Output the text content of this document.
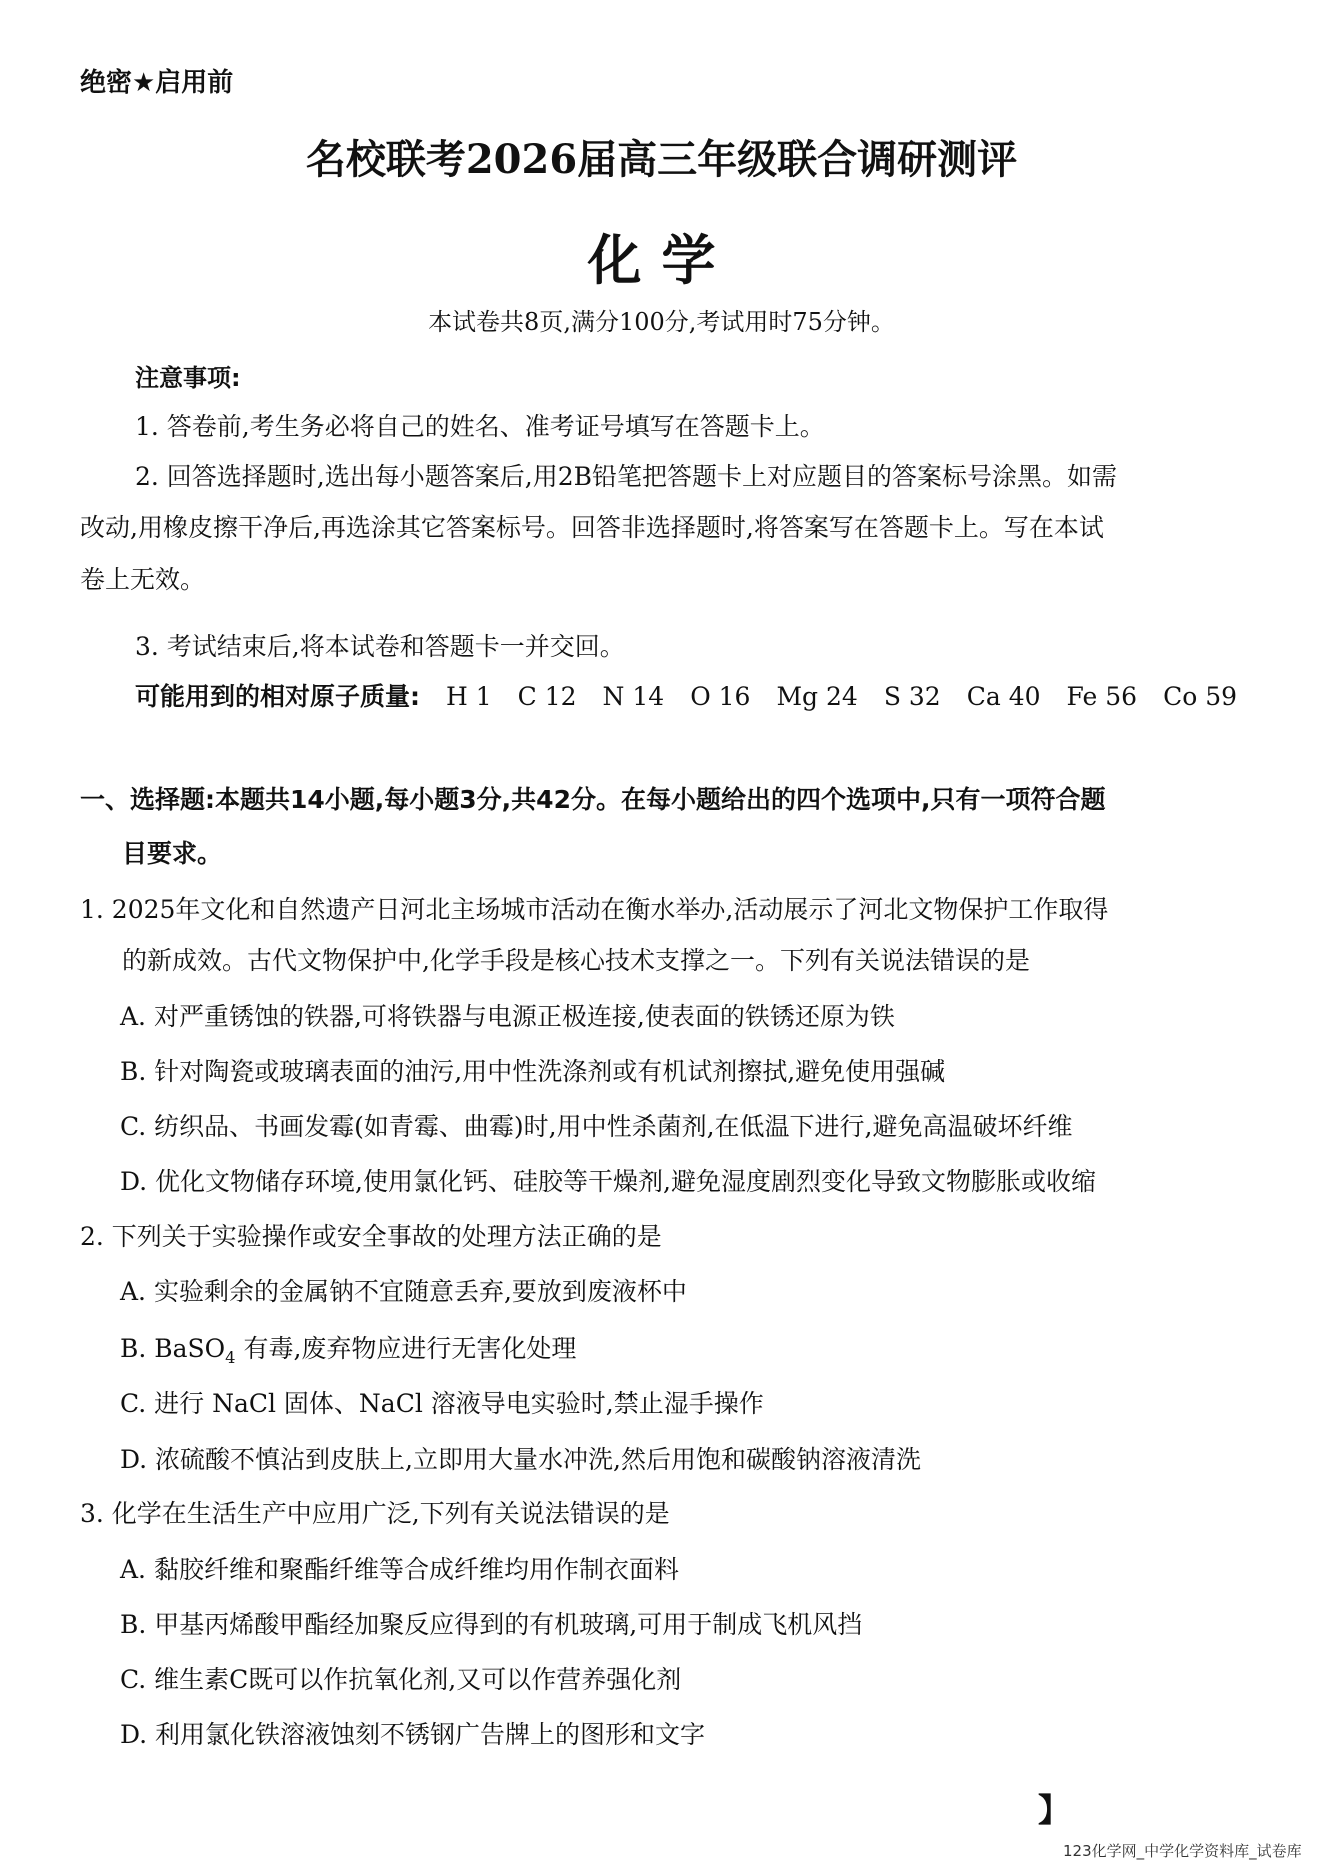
绝密★启用前
名校联考2026届高三年级联合调研测评
化学
本试卷共8页,满分100分,考试用时75分钟。
注意事项:
1. 答卷前,考生务必将自己的姓名、准考证号填写在答题卡上。
2. 回答选择题时,选出每小题答案后,用2B铅笔把答题卡上对应题目的答案标号涂黑。如需
改动,用橡皮擦干净后,再选涂其它答案标号。回答非选择题时,将答案写在答题卡上。写在本试
卷上无效。
3. 考试结束后,将本试卷和答题卡一并交回。
可能用到的相对原子质量: H 1 C 12 N 14 O 16 Mg 24 S 32 Ca 40 Fe 56 Co 59
一、选择题:本题共14小题,每小题3分,共42分。在每小题给出的四个选项中,只有一项符合题
目要求。
1. 2025年文化和自然遗产日河北主场城市活动在衡水举办,活动展示了河北文物保护工作取得
的新成效。古代文物保护中,化学手段是核心技术支撑之一。下列有关说法错误的是
A. 对严重锈蚀的铁器,可将铁器与电源正极连接,使表面的铁锈还原为铁
B. 针对陶瓷或玻璃表面的油污,用中性洗涤剂或有机试剂擦拭,避免使用强碱
C. 纺织品、书画发霉(如青霉、曲霉)时,用中性杀菌剂,在低温下进行,避免高温破坏纤维
D. 优化文物储存环境,使用氯化钙、硅胶等干燥剂,避免湿度剧烈变化导致文物膨胀或收缩
2. 下列关于实验操作或安全事故的处理方法正确的是
A. 实验剩余的金属钠不宜随意丢弃,要放到废液杯中
B. BaSO$_4$ 有毒,废弃物应进行无害化处理
C. 进行 NaCl 固体、NaCl 溶液导电实验时,禁止湿手操作
D. 浓硫酸不慎沾到皮肤上,立即用大量水冲洗,然后用饱和碳酸钠溶液清洗
3. 化学在生活生产中应用广泛,下列有关说法错误的是
A. 黏胶纤维和聚酯纤维等合成纤维均用作制衣面料
B. 甲基丙烯酸甲酯经加聚反应得到的有机玻璃,可用于制成飞机风挡
C. 维生素C既可以作抗氧化剂,又可以作营养强化剂
D. 利用氯化铁溶液蚀刻不锈钢广告牌上的图形和文字
】
123化学网_中学化学资料库_试卷库
